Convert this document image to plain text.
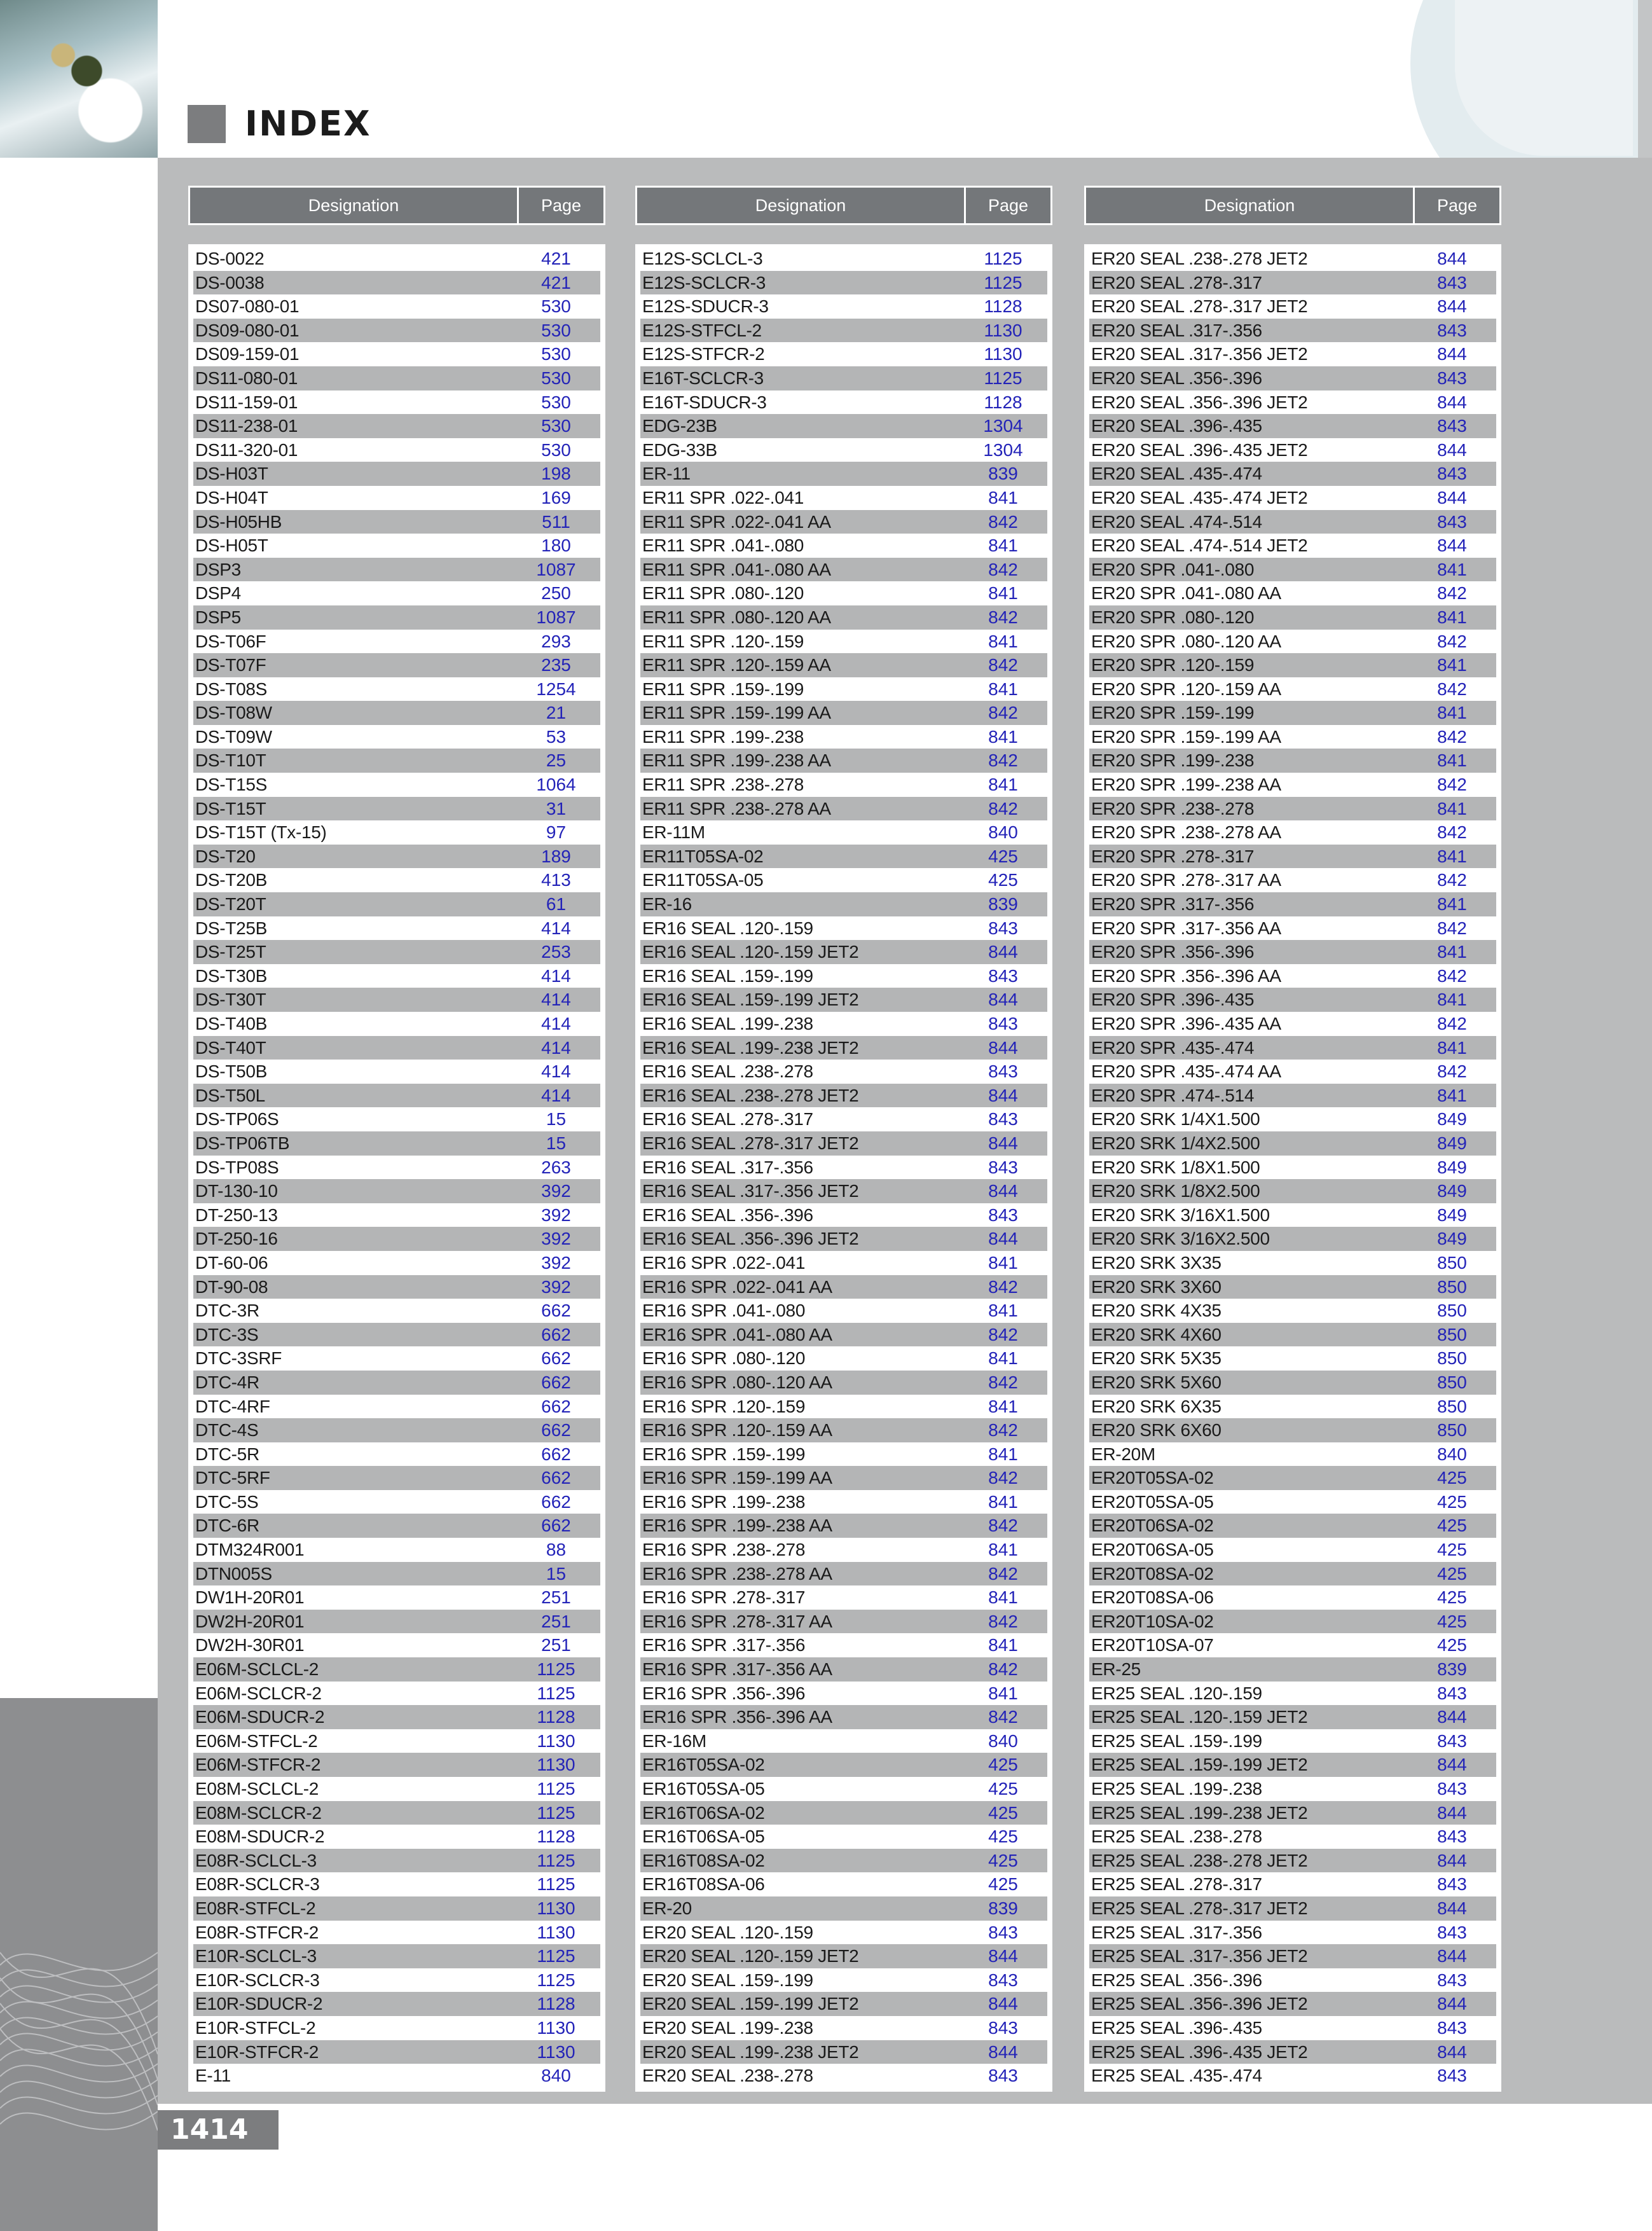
INDEX
Designation	Page
DS-0022	421
DS-0038	421
DS07-080-01	530
DS09-080-01	530
DS09-159-01	530
DS11-080-01	530
DS11-159-01	530
DS11-238-01	530
DS11-320-01	530
DS-H03T	198
DS-H04T	169
DS-H05HB	511
DS-H05T	180
DSP3	1087
DSP4	250
DSP5	1087
DS-T06F	293
DS-T07F	235
DS-T08S	1254
DS-T08W	21
DS-T09W	53
DS-T10T	25
DS-T15S	1064
DS-T15T	31
DS-T15T (Tx-15)	97
DS-T20	189
DS-T20B	413
DS-T20T	61
DS-T25B	414
DS-T25T	253
DS-T30B	414
DS-T30T	414
DS-T40B	414
DS-T40T	414
DS-T50B	414
DS-T50L	414
DS-TP06S	15
DS-TP06TB	15
DS-TP08S	263
DT-130-10	392
DT-250-13	392
DT-250-16	392
DT-60-06	392
DT-90-08	392
DTC-3R	662
DTC-3S	662
DTC-3SRF	662
DTC-4R	662
DTC-4RF	662
DTC-4S	662
DTC-5R	662
DTC-5RF	662
DTC-5S	662
DTC-6R	662
DTM324R001	88
DTN005S	15
DW1H-20R01	251
DW2H-20R01	251
DW2H-30R01	251
E06M-SCLCL-2	1125
E06M-SCLCR-2	1125
E06M-SDUCR-2	1128
E06M-STFCL-2	1130
E06M-STFCR-2	1130
E08M-SCLCL-2	1125
E08M-SCLCR-2	1125
E08M-SDUCR-2	1128
E08R-SCLCL-3	1125
E08R-SCLCR-3	1125
E08R-STFCL-2	1130
E08R-STFCR-2	1130
E10R-SCLCL-3	1125
E10R-SCLCR-3	1125
E10R-SDUCR-2	1128
E10R-STFCL-2	1130
E10R-STFCR-2	1130
E-11	840
Designation	Page
E12S-SCLCL-3	1125
E12S-SCLCR-3	1125
E12S-SDUCR-3	1128
E12S-STFCL-2	1130
E12S-STFCR-2	1130
E16T-SCLCR-3	1125
E16T-SDUCR-3	1128
EDG-23B	1304
EDG-33B	1304
ER-11	839
ER11 SPR .022-.041	841
ER11 SPR .022-.041 AA	842
ER11 SPR .041-.080	841
ER11 SPR .041-.080 AA	842
ER11 SPR .080-.120	841
ER11 SPR .080-.120 AA	842
ER11 SPR .120-.159	841
ER11 SPR .120-.159 AA	842
ER11 SPR .159-.199	841
ER11 SPR .159-.199 AA	842
ER11 SPR .199-.238	841
ER11 SPR .199-.238 AA	842
ER11 SPR .238-.278	841
ER11 SPR .238-.278 AA	842
ER-11M	840
ER11T05SA-02	425
ER11T05SA-05	425
ER-16	839
ER16 SEAL .120-.159	843
ER16 SEAL .120-.159 JET2	844
ER16 SEAL .159-.199	843
ER16 SEAL .159-.199 JET2	844
ER16 SEAL .199-.238	843
ER16 SEAL .199-.238 JET2	844
ER16 SEAL .238-.278	843
ER16 SEAL .238-.278 JET2	844
ER16 SEAL .278-.317	843
ER16 SEAL .278-.317 JET2	844
ER16 SEAL .317-.356	843
ER16 SEAL .317-.356 JET2	844
ER16 SEAL .356-.396	843
ER16 SEAL .356-.396 JET2	844
ER16 SPR .022-.041	841
ER16 SPR .022-.041 AA	842
ER16 SPR .041-.080	841
ER16 SPR .041-.080 AA	842
ER16 SPR .080-.120	841
ER16 SPR .080-.120 AA	842
ER16 SPR .120-.159	841
ER16 SPR .120-.159 AA	842
ER16 SPR .159-.199	841
ER16 SPR .159-.199 AA	842
ER16 SPR .199-.238	841
ER16 SPR .199-.238 AA	842
ER16 SPR .238-.278	841
ER16 SPR .238-.278 AA	842
ER16 SPR .278-.317	841
ER16 SPR .278-.317 AA	842
ER16 SPR .317-.356	841
ER16 SPR .317-.356 AA	842
ER16 SPR .356-.396	841
ER16 SPR .356-.396 AA	842
ER-16M	840
ER16T05SA-02	425
ER16T05SA-05	425
ER16T06SA-02	425
ER16T06SA-05	425
ER16T08SA-02	425
ER16T08SA-06	425
ER-20	839
ER20 SEAL .120-.159	843
ER20 SEAL .120-.159 JET2	844
ER20 SEAL .159-.199	843
ER20 SEAL .159-.199 JET2	844
ER20 SEAL .199-.238	843
ER20 SEAL .199-.238 JET2	844
ER20 SEAL .238-.278	843
Designation	Page
ER20 SEAL .238-.278 JET2	844
ER20 SEAL .278-.317	843
ER20 SEAL .278-.317 JET2	844
ER20 SEAL .317-.356	843
ER20 SEAL .317-.356 JET2	844
ER20 SEAL .356-.396	843
ER20 SEAL .356-.396 JET2	844
ER20 SEAL .396-.435	843
ER20 SEAL .396-.435 JET2	844
ER20 SEAL .435-.474	843
ER20 SEAL .435-.474 JET2	844
ER20 SEAL .474-.514	843
ER20 SEAL .474-.514 JET2	844
ER20 SPR .041-.080	841
ER20 SPR .041-.080 AA	842
ER20 SPR .080-.120	841
ER20 SPR .080-.120 AA	842
ER20 SPR .120-.159	841
ER20 SPR .120-.159 AA	842
ER20 SPR .159-.199	841
ER20 SPR .159-.199 AA	842
ER20 SPR .199-.238	841
ER20 SPR .199-.238 AA	842
ER20 SPR .238-.278	841
ER20 SPR .238-.278 AA	842
ER20 SPR .278-.317	841
ER20 SPR .278-.317 AA	842
ER20 SPR .317-.356	841
ER20 SPR .317-.356 AA	842
ER20 SPR .356-.396	841
ER20 SPR .356-.396 AA	842
ER20 SPR .396-.435	841
ER20 SPR .396-.435 AA	842
ER20 SPR .435-.474	841
ER20 SPR .435-.474 AA	842
ER20 SPR .474-.514	841
ER20 SRK 1/4X1.500	849
ER20 SRK 1/4X2.500	849
ER20 SRK 1/8X1.500	849
ER20 SRK 1/8X2.500	849
ER20 SRK 3/16X1.500	849
ER20 SRK 3/16X2.500	849
ER20 SRK 3X35	850
ER20 SRK 3X60	850
ER20 SRK 4X35	850
ER20 SRK 4X60	850
ER20 SRK 5X35	850
ER20 SRK 5X60	850
ER20 SRK 6X35	850
ER20 SRK 6X60	850
ER-20M	840
ER20T05SA-02	425
ER20T05SA-05	425
ER20T06SA-02	425
ER20T06SA-05	425
ER20T08SA-02	425
ER20T08SA-06	425
ER20T10SA-02	425
ER20T10SA-07	425
ER-25	839
ER25 SEAL .120-.159	843
ER25 SEAL .120-.159 JET2	844
ER25 SEAL .159-.199	843
ER25 SEAL .159-.199 JET2	844
ER25 SEAL .199-.238	843
ER25 SEAL .199-.238 JET2	844
ER25 SEAL .238-.278	843
ER25 SEAL .238-.278 JET2	844
ER25 SEAL .278-.317	843
ER25 SEAL .278-.317 JET2	844
ER25 SEAL .317-.356	843
ER25 SEAL .317-.356 JET2	844
ER25 SEAL .356-.396	843
ER25 SEAL .356-.396 JET2	844
ER25 SEAL .396-.435	843
ER25 SEAL .396-.435 JET2	844
ER25 SEAL .435-.474	843
1414
